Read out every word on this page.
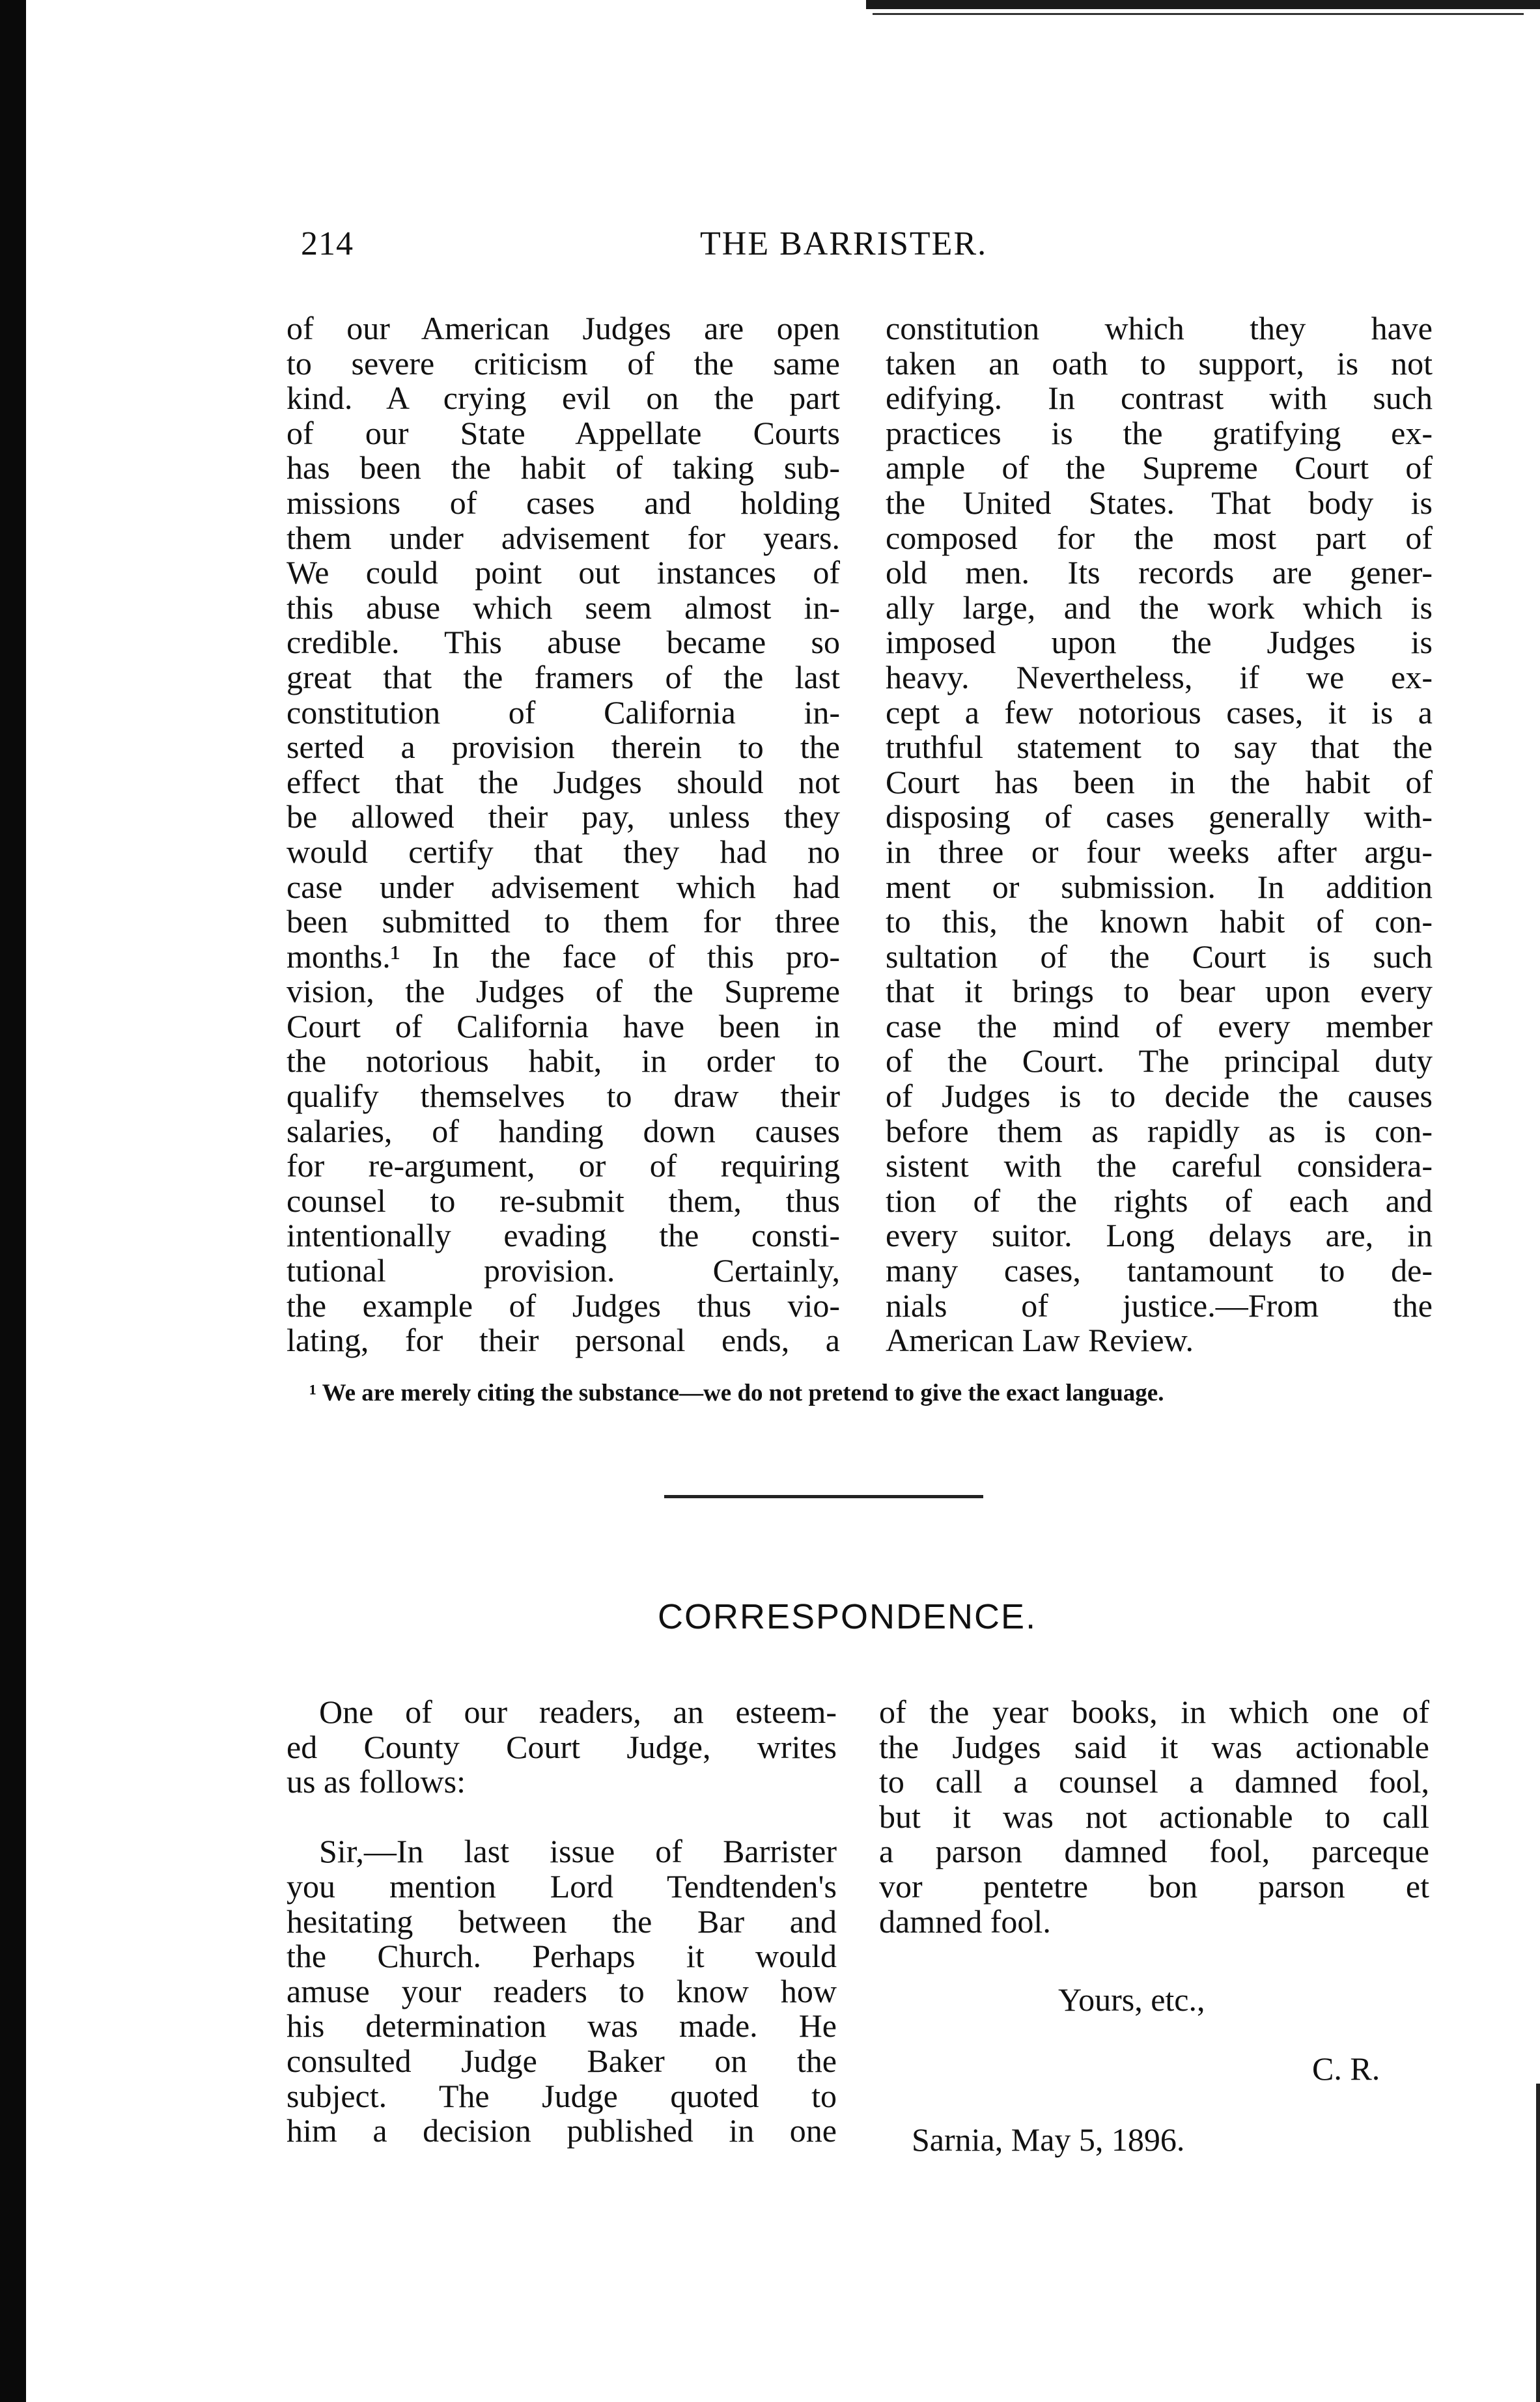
214	THE BARRISTER.
of our American Judges are open
to severe criticism of the same
kind. A crying evil on the part
of our State Appellate Courts
has been the habit of taking sub-
missions of cases and holding
them under advisement for years.
We could point out instances of
this abuse which seem almost in-
credible. This abuse became so
great that the framers of the last
constitution of California in-
serted a provision therein to the
effect that the Judges should not
be allowed their pay, unless they
would certify that they had no
case under advisement which had
been submitted to them for three
months.¹ In the face of this pro-
vision, the Judges of the Supreme
Court of California have been in
the notorious habit, in order to
qualify themselves to draw their
salaries, of handing down causes
for re-argument, or of requiring
counsel to re-submit them, thus
intentionally evading the consti-
tutional provision. Certainly,
the example of Judges thus vio-
lating, for their personal ends, a
constitution which they have
taken an oath to support, is not
edifying. In contrast with such
practices is the gratifying ex-
ample of the Supreme Court of
the United States. That body is
composed for the most part of
old men. Its records are gener-
ally large, and the work which is
imposed upon the Judges is
heavy. Nevertheless, if we ex-
cept a few notorious cases, it is a
truthful statement to say that the
Court has been in the habit of
disposing of cases generally with-
in three or four weeks after argu-
ment or submission. In addition
to this, the known habit of con-
sultation of the Court is such
that it brings to bear upon every
case the mind of every member
of the Court. The principal duty
of Judges is to decide the causes
before them as rapidly as is con-
sistent with the careful considera-
tion of the rights of each and
every suitor. Long delays are, in
many cases, tantamount to de-
nials of justice.—From the
American Law Review.
¹ We are merely citing the substance—we do not pretend to give the exact language.
CORRESPONDENCE.
One of our readers, an esteem-
ed County Court Judge, writes
us as follows:
Sir,—In last issue of Barrister
you mention Lord Tendtenden's
hesitating between the Bar and
the Church. Perhaps it would
amuse your readers to know how
his determination was made. He
consulted Judge Baker on the
subject. The Judge quoted to
him a decision published in one
of the year books, in which one of
the Judges said it was actionable
to call a counsel a damned fool,
but it was not actionable to call
a parson damned fool, parceque
vor pentetre bon parson et
damned fool.
Yours, etc.,
C. R.
Sarnia, May 5, 1896.
